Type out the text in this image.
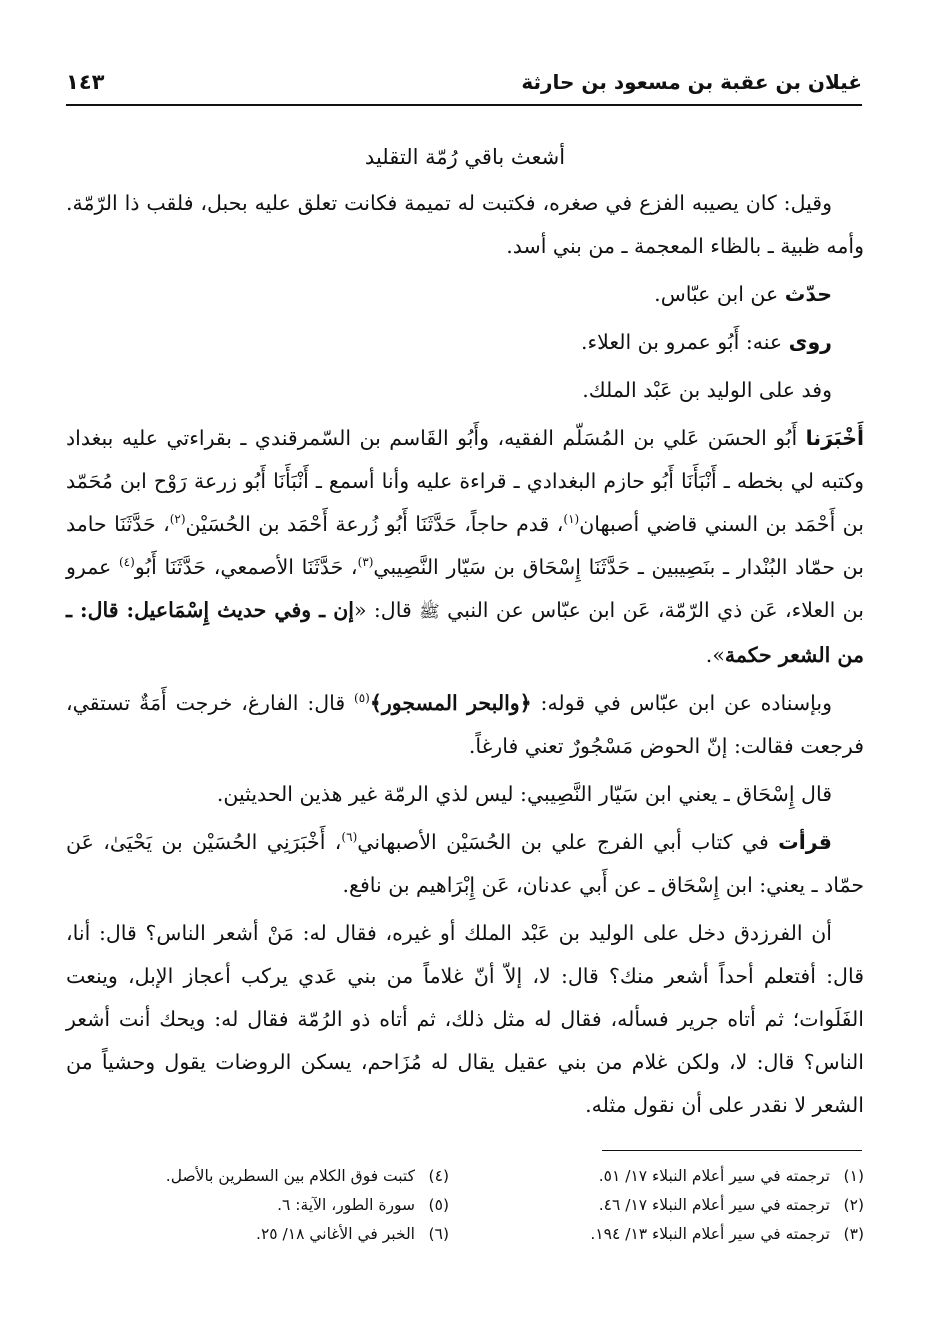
غيلان بن عقبة بن مسعود بن حارثة
١٤٣
أشعث باقي رُمّة التقليد

وقيل: كان يصيبه الفزع في صغره، فكتبت له تميمة فكانت تعلق عليه بحبل، فلقب ذا الرّمّة. وأمه ظبية ـ بالظاء المعجمة ـ من بني أسد.

حدّث عن ابن عبّاس.

روى عنه: أَبُو عمرو بن العلاء.

وفد على الوليد بن عَبْد الملك.

أَخْبَرَنا أَبُو الحسَن عَلي بن المُسَلّم الفقيه، وأَبُو القَاسم بن السّمرقندي ـ بقراءتي عليه ببغداد وكتبه لي بخطه ـ أَنْبَأَنَا أَبُو حازم البغدادي ـ قراءة عليه وأنا أسمع ـ أَنْبَأَنَا أَبُو زرعة رَوْح ابن مُحَمّد بن أَحْمَد بن السني قاضي أصبهان$^{(١)}$، قدم حاجاً، حَدَّثَنَا أَبُو زُرعة أَحْمَد بن الحُسَيْن$^{(٢)}$، حَدَّثَنَا حامد بن حمّاد البُنْدار ـ بنَصِيبين ـ حَدَّثَنَا إِسْحَاق بن سَيّار النَّصِيبي$^{(٣)}$، حَدَّثَنَا الأصمعي، حَدَّثَنَا أَبُو$^{(٤)}$ عمرو بن العلاء، عَن ذي الرّمّة، عَن ابن عبّاس عن النبي ﷺ قال: «إن ـ وفي حديث إِسْمَاعيل: قال: ـ من الشعر حكمة».

وبإسناده عن ابن عبّاس في قوله: ﴿والبحر المسجور﴾$^{(٥)}$ قال: الفارغ، خرجت أَمَةٌ تستقي، فرجعت فقالت: إنّ الحوض مَسْجُورٌ تعني فارغاً.

قال إِسْحَاق ـ يعني ابن سَيّار النَّصِيبي: ليس لذي الرمّة غير هذين الحديثين.

قرأت في كتاب أبي الفرج علي بن الحُسَيْن الأصبهاني$^{(٦)}$، أَخْبَرَنِي الحُسَيْن بن يَحْيَىٰ، عَن حمّاد ـ يعني: ابن إِسْحَاق ـ عن أَبي عدنان، عَن إِبْرَاهيم بن نافع.

أن الفرزدق دخل على الوليد بن عَبْد الملك أو غيره، فقال له: مَنْ أشعر الناس؟ قال: أنا، قال: أفتعلم أحداً أشعر منك؟ قال: لا، إلاّ أنّ غلاماً من بني عَدي يركب أعجاز الإبل، وينعت الفَلَوات؛ ثم أتاه جرير فسأله، فقال له مثل ذلك، ثم أتاه ذو الرُمّة فقال له: ويحك أنت أشعر الناس؟ قال: لا، ولكن غلام من بني عقيل يقال له مُزَاحم، يسكن الروضات يقول وحشياً من الشعر لا نقدر على أن نقول مثله.

(١)ترجمته في سير أعلام النبلاء ١٧/ ٥١.
(٢)ترجمته في سير أعلام النبلاء ١٧/ ٤٦.
(٣)ترجمته في سير أعلام النبلاء ١٣/ ١٩٤.
(٤)كتبت فوق الكلام بين السطرين بالأصل.
(٥)سورة الطور، الآية: ٦.
(٦)الخبر في الأغاني ١٨/ ٢٥.
